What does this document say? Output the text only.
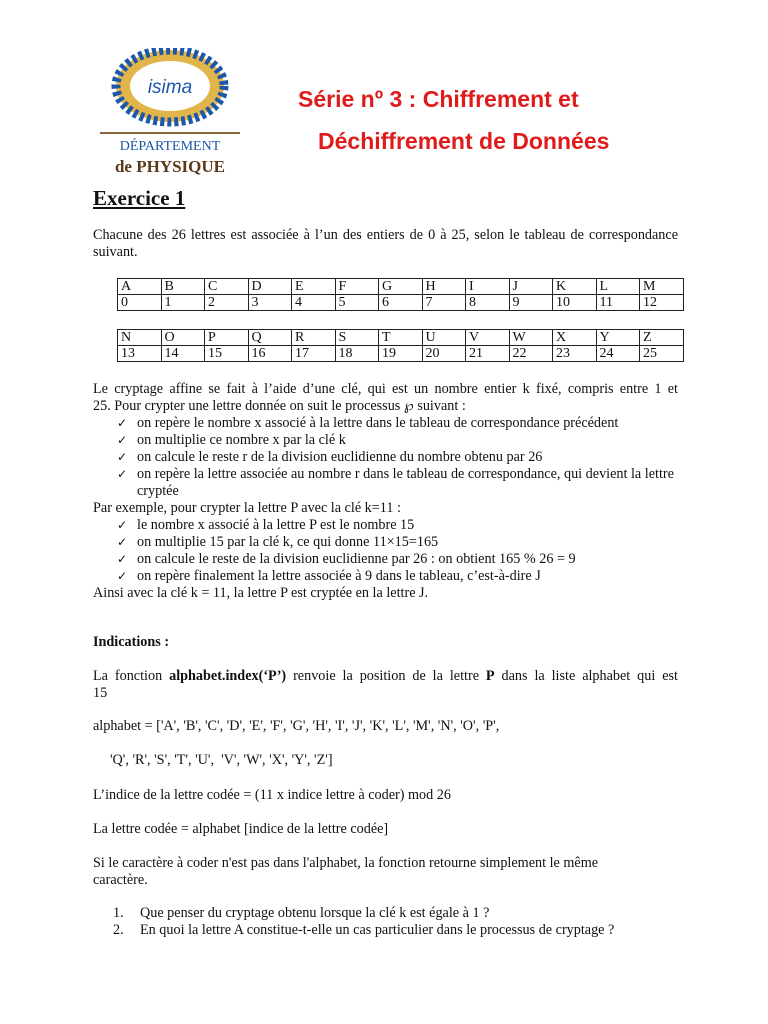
isima
DÉPARTEMENT
de PHYSIQUE
Série nº 3 : Chiffrement et
Déchiffrement de Données
Exercice 1
Chacune des 26 lettres est associée à l’un des entiers de 0 à 25, selon le tableau de correspondance suivant.
A	B	C	D	E	F	G	H	I	J	K	L	M
0	1	2	3	4	5	6	7	8	9	10	11	12
N	O	P	Q	R	S	T	U	V	W	X	Y	Z
13	14	15	16	17	18	19	20	21	22	23	24	25
Le cryptage affine se fait à l’aide d’une clé, qui est un nombre entier k fixé, compris entre 1 et
25. Pour crypter une lettre donnée on suit le processus ℘ suivant :
✓ on repère le nombre x associé à la lettre dans le tableau de correspondance précédent
✓ on multiplie ce nombre x par la clé k
✓ on calcule le reste r de la division euclidienne du nombre obtenu par 26
✓ on repère la lettre associée au nombre r dans le tableau de correspondance, qui devient la lettre cryptée
Par exemple, pour crypter la lettre P avec la clé k=11 :
✓ le nombre x associé à la lettre P est le nombre 15
✓ on multiplie 15 par la clé k, ce qui donne 11×15=165
✓ on calcule le reste de la division euclidienne par 26 : on obtient 165 % 26 = 9
✓ on repère finalement la lettre associée à 9 dans le tableau, c’est-à-dire J
Ainsi avec la clé k = 11, la lettre P est cryptée en la lettre J.
Indications :
La fonction alphabet.index(‘P’) renvoie la position de la lettre P dans la liste alphabet qui est
15
alphabet = ['A', 'B', 'C', 'D', 'E', 'F', 'G', 'H', 'I', 'J', 'K', 'L', 'M', 'N', 'O', 'P',
'Q', 'R', 'S', 'T', 'U',  'V', 'W', 'X', 'Y', 'Z']
L’indice de la lettre codée = (11 x indice lettre à coder) mod 26
La lettre codée = alphabet [indice de la lettre codée]
Si le caractère à coder n'est pas dans l'alphabet, la fonction retourne simplement le même
caractère.
1. Que penser du cryptage obtenu lorsque la clé k est égale à 1 ?
2. En quoi la lettre A constitue-t-elle un cas particulier dans le processus de cryptage ?
